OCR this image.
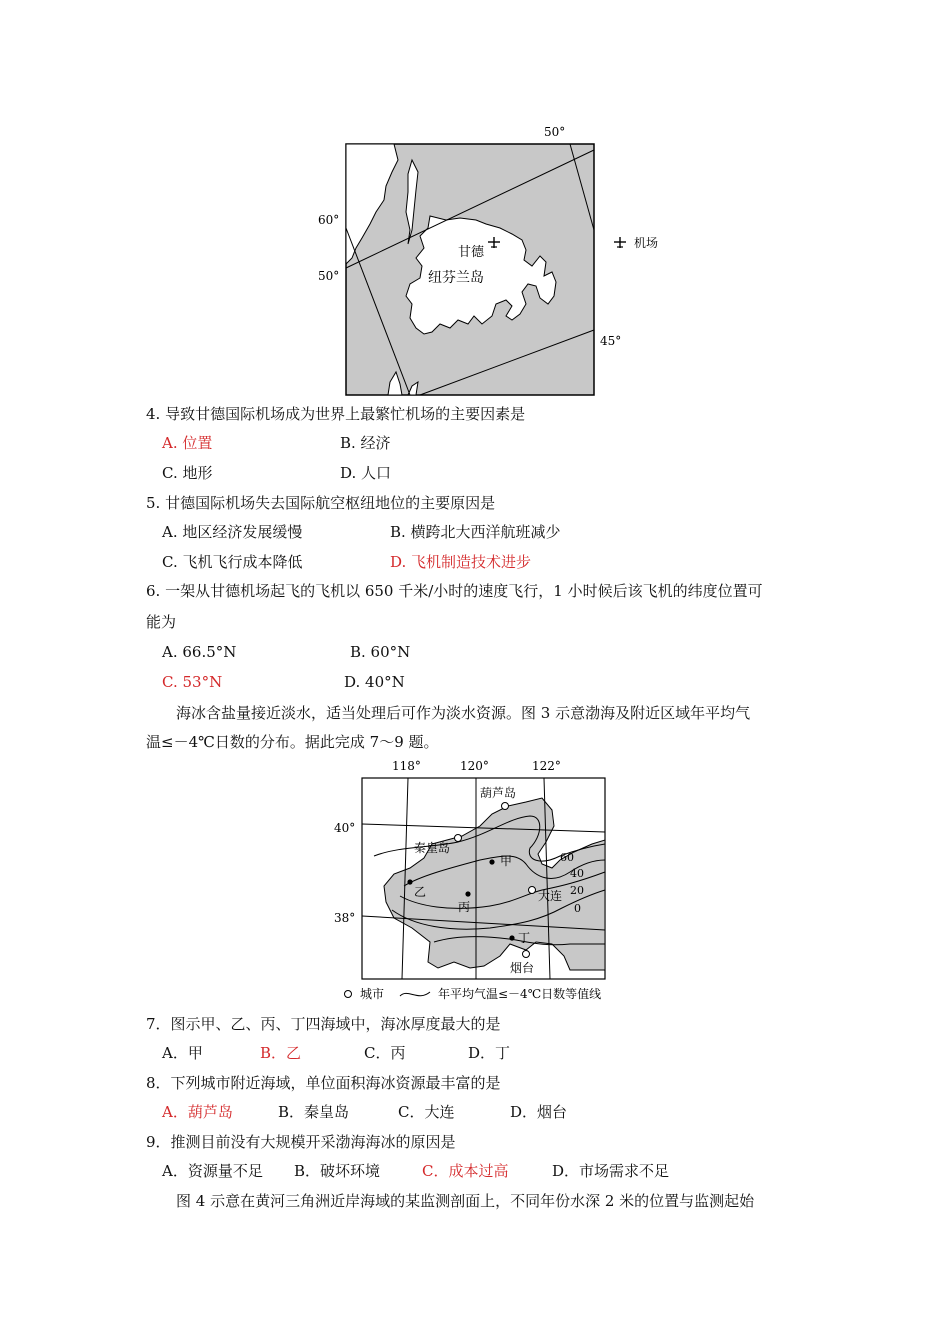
50°
60°
50°
45°
甘德
纽芬兰岛
机场
4. 导致甘德国际机场成为世界上最繁忙机场的主要因素是
A. 位置	B. 经济
C. 地形	D. 人口
5. 甘德国际机场失去国际航空枢纽地位的主要原因是
A. 地区经济发展缓慢	B. 横跨北大西洋航班减少
C. 飞机飞行成本降低	D. 飞机制造技术进步
6. 一架从甘德机场起飞的飞机以 650 千米/小时的速度飞行，1 小时候后该飞机的纬度位置可
能为
A. 66.5°N	B. 60°N
C. 53°N	D. 40°N
海冰含盐量接近淡水，适当处理后可作为淡水资源。图 3 示意渤海及附近区域年平均气
温≤－4℃日数的分布。据此完成 7～9 题。
118°	120°	122°
40°
38°
葫芦岛
秦皇岛
大连
烟台
甲
乙
丙
丁
60
40
20
0
城市	年平均气温≤－4℃日数等值线
7．图示甲、乙、丙、丁四海域中，海冰厚度最大的是
A．甲	B．乙	C．丙	D．丁
8．下列城市附近海域，单位面积海冰资源最丰富的是
A．葫芦岛	B．秦皇岛	C．大连	D．烟台
9．推测目前没有大规模开采渤海海冰的原因是
A．资源量不足 B．破坏环境	C．成本过高	D．市场需求不足
图 4 示意在黄河三角洲近岸海域的某监测剖面上，不同年份水深 2 米的位置与监测起始
